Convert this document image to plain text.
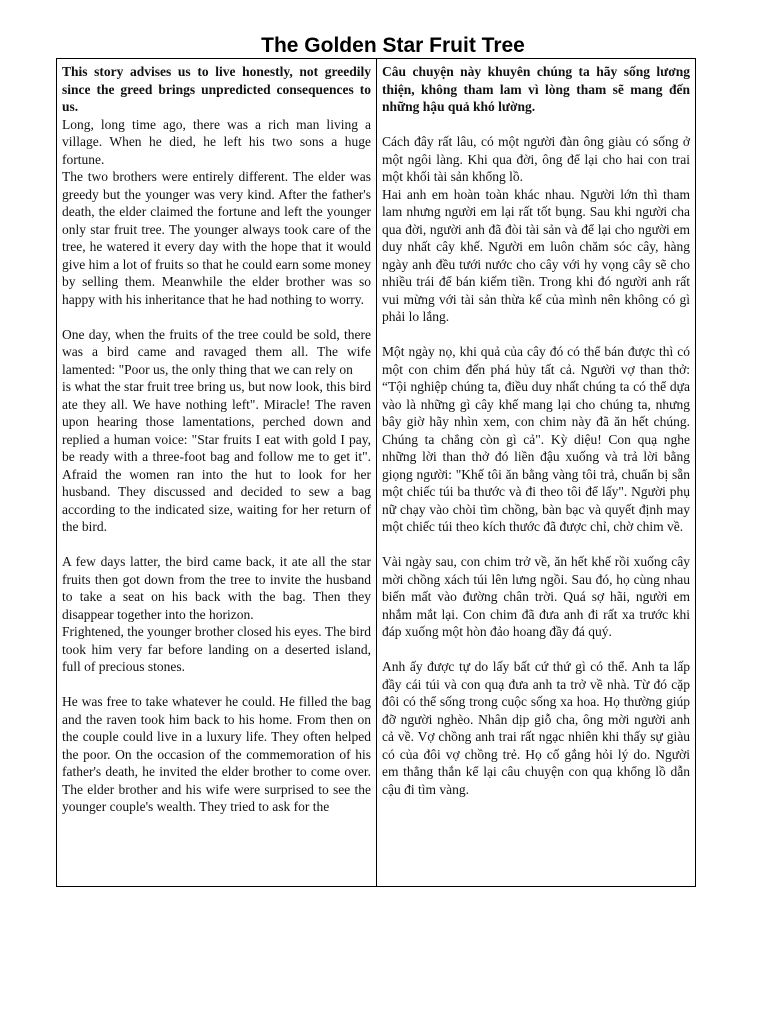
The Golden Star Fruit Tree

This story advises us to live honestly, not greedily since the greed brings unpredicted consequences to us.

Long, long time ago, there was a rich man living a village. When he died, he left his two sons a huge fortune.

The two brothers were entirely different. The elder was greedy but the younger was very kind. After the father's death, the elder claimed the fortune and left the younger only star fruit tree. The younger always took care of the tree, he watered it every day with the hope that it would give him a lot of fruits so that he could earn some money by selling them. Meanwhile the elder brother was so happy with his inheritance that he had nothing to worry.

One day, when the fruits of the tree could be sold, there was a bird came and ravaged them all. The wife lamented: "Poor us, the only thing that we can rely on

is what the star fruit tree bring us, but now look, this bird ate they all. We have nothing left". Miracle! The raven upon hearing those lamentations, perched down and replied a human voice: "Star fruits I eat with gold I pay, be ready with a three-foot bag and follow me to get it". Afraid the women ran into the hut to look for her husband. They discussed and decided to sew a bag according to the indicated size, waiting for her return of the bird.

A few days latter, the bird came back, it ate all the star fruits then got down from the tree to invite the husband to take a seat on his back with the bag. Then they disappear together into the horizon.

Frightened, the younger brother closed his eyes. The bird took him very far before landing on a deserted island, full of precious stones.

He was free to take whatever he could. He filled the bag and the raven took him back to his home. From then on the couple could live in a luxury life. They often helped the poor. On the occasion of the commemoration of his father's death, he invited the elder brother to come over. The elder brother and his wife were surprised to see the younger couple's wealth. They tried to ask for the

Câu chuyện này khuyên chúng ta hãy sống lương thiện, không tham lam vì lòng tham sẽ mang đến những hậu quả khó lường.

Cách đây rất lâu, có một người đàn ông giàu có sống ở một ngôi làng. Khi qua đời, ông để lại cho hai con trai một khối tài sản khổng lồ.

Hai anh em hoàn toàn khác nhau. Người lớn thì tham lam nhưng người em lại rất tốt bụng. Sau khi người cha qua đời, người anh đã đòi tài sản và để lại cho người em duy nhất cây khế. Người em luôn chăm sóc cây, hàng ngày anh đều tưới nước cho cây với hy vọng cây sẽ cho nhiều trái để bán kiếm tiền. Trong khi đó người anh rất vui mừng với tài sản thừa kế của mình nên không có gì phải lo lắng.

Một ngày nọ, khi quả của cây đó có thể bán được thì có một con chim đến phá hủy tất cả. Người vợ than thở: “Tội nghiệp chúng ta, điều duy nhất chúng ta có thể dựa vào là những gì cây khế mang lại cho chúng ta, nhưng bây giờ hãy nhìn xem, con chim này đã ăn hết chúng. Chúng ta chẳng còn gì cả". Kỳ diệu! Con quạ nghe những lời than thở đó liền đậu xuống và trả lời bằng giọng người: "Khế tôi ăn bằng vàng tôi trả, chuẩn bị sẵn một chiếc túi ba thước và đi theo tôi để lấy". Người phụ nữ chạy vào chòi tìm chồng, bàn bạc và quyết định may một chiếc túi theo kích thước đã được chỉ, chờ chim về.

Vài ngày sau, con chim trở về, ăn hết khế rồi xuống cây mời chồng xách túi lên lưng ngồi. Sau đó, họ cùng nhau biến mất vào đường chân trời. Quá sợ hãi, người em nhắm mắt lại. Con chim đã đưa anh đi rất xa trước khi đáp xuống một hòn đảo hoang đầy đá quý.

Anh ấy được tự do lấy bất cứ thứ gì có thể. Anh ta lấp đầy cái túi và con quạ đưa anh ta trở về nhà. Từ đó cặp đôi có thể sống trong cuộc sống xa hoa. Họ thường giúp đỡ người nghèo. Nhân dịp giỗ cha, ông mời người anh cả về. Vợ chồng anh trai rất ngạc nhiên khi thấy sự giàu có của đôi vợ chồng trẻ. Họ cố gắng hỏi lý do. Người em thẳng thắn kể lại câu chuyện con quạ khổng lồ dẫn cậu đi tìm vàng.
